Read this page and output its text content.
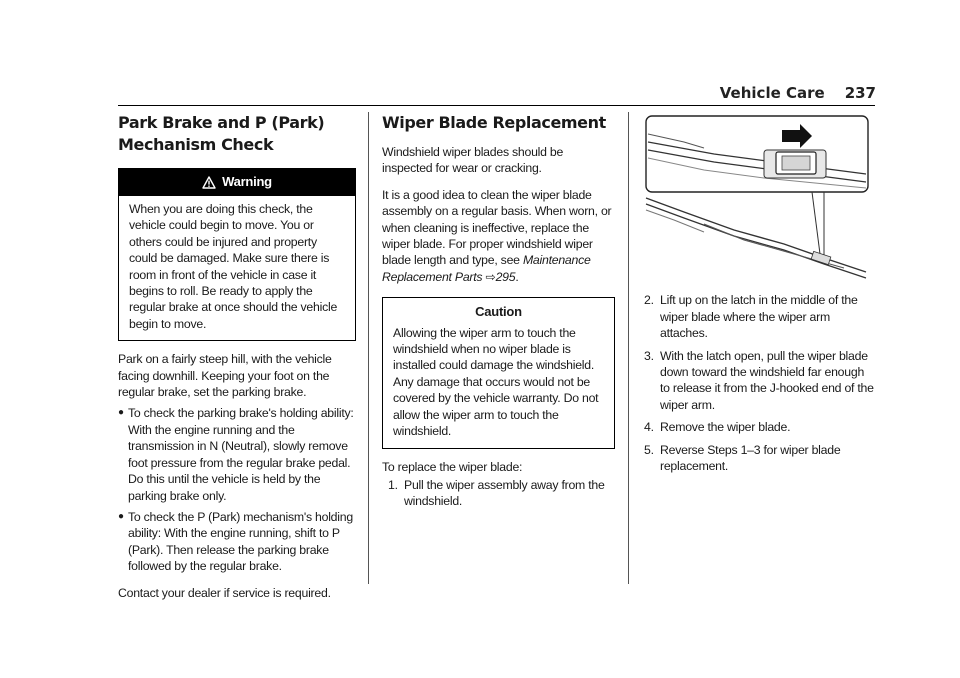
Vehicle Care 237
Park Brake and P (Park)
Mechanism Check
Warning
When you are doing this check, the vehicle could begin to move. You or others could be injured and property could be damaged. Make sure there is room in front of the vehicle in case it begins to roll. Be ready to apply the regular brake at once should the vehicle begin to move.

Park on a fairly steep hill, with the vehicle facing downhill. Keeping your foot on the regular brake, set the parking brake.

● To check the parking brake's holding ability: With the engine running and the transmission in N (Neutral), slowly remove foot pressure from the regular brake pedal. Do this until the vehicle is held by the parking brake only.
● To check the P (Park) mechanism's holding ability: With the engine running, shift to P (Park). Then release the parking brake followed by the regular brake.

Contact your dealer if service is required.

Wiper Blade Replacement

Windshield wiper blades should be inspected for wear or cracking.

It is a good idea to clean the wiper blade assembly on a regular basis. When worn, or when cleaning is ineffective, replace the wiper blade. For proper windshield wiper blade length and type, see Maintenance Replacement Parts ⇨295.

Caution
Allowing the wiper arm to touch the windshield when no wiper blade is installed could damage the windshield. Any damage that occurs would not be covered by the vehicle warranty. Do not allow the wiper arm to touch the windshield.

To replace the wiper blade:

1. Pull the wiper assembly away from the windshield.
2. Lift up on the latch in the middle of the wiper blade where the wiper arm attaches.
3. With the latch open, pull the wiper blade down toward the windshield far enough to release it from the J-hooked end of the wiper arm.
4. Remove the wiper blade.
5. Reverse Steps 1–3 for wiper blade replacement.
